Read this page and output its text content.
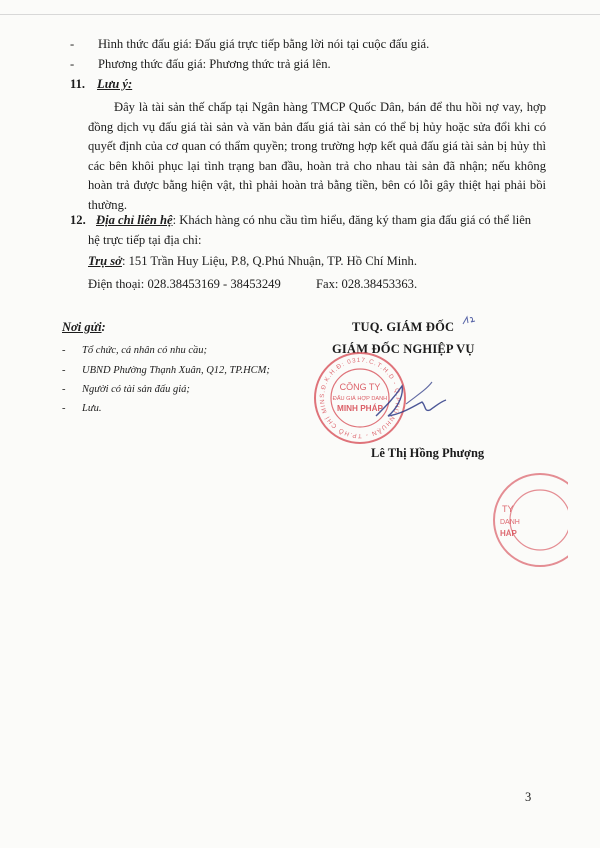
- Hình thức đấu giá: Đấu giá trực tiếp bằng lời nói tại cuộc đấu giá.
- Phương thức đấu giá: Phương thức trả giá lên.
11. Lưu ý:
Đây là tài sản thế chấp tại Ngân hàng TMCP Quốc Dân, bán để thu hồi nợ vay, hợp đồng dịch vụ đấu giá tài sản và văn bản đấu giá tài sản có thể bị hủy hoặc sửa đổi khi có quyết định của cơ quan có thẩm quyền; trong trường hợp kết quả đấu giá tài sản bị hủy thì các bên khôi phục lại tình trạng ban đầu, hoàn trả cho nhau tài sản đã nhận; nếu không hoàn trả được bằng hiện vật, thì phải hoàn trả bằng tiền, bên có lỗi gây thiệt hại phải bồi thường.
12. Địa chỉ liên hệ: Khách hàng có nhu cầu tìm hiểu, đăng ký tham gia đấu giá có thể liên
hệ trực tiếp tại địa chỉ:
Trụ sở: 151 Trần Huy Liệu, P.8, Q.Phú Nhuận, TP. Hồ Chí Minh.
Điện thoại: 028.38453169 - 38453249	Fax: 028.38453363.
Nơi gửi:
- Tổ chức, cá nhân có nhu cầu;
- UBND Phường Thạnh Xuân, Q12, TP.HCM;
- Người có tài sản đấu giá;
- Lưu.
TUQ. GIÁM ĐỐC
GIÁM ĐỐC NGHIỆP VỤ
S.Đ.K.H.Đ: 0317.C.T.H.D - Q.PHÚ NHUẬN - TP.HỒ CHÍ MIN
CÔNG TY
ĐẤU GIÁ HỢP DANH
MINH PHÁP
Lê Thị Hồng Phượng
TY
DANH
HÁP
3
